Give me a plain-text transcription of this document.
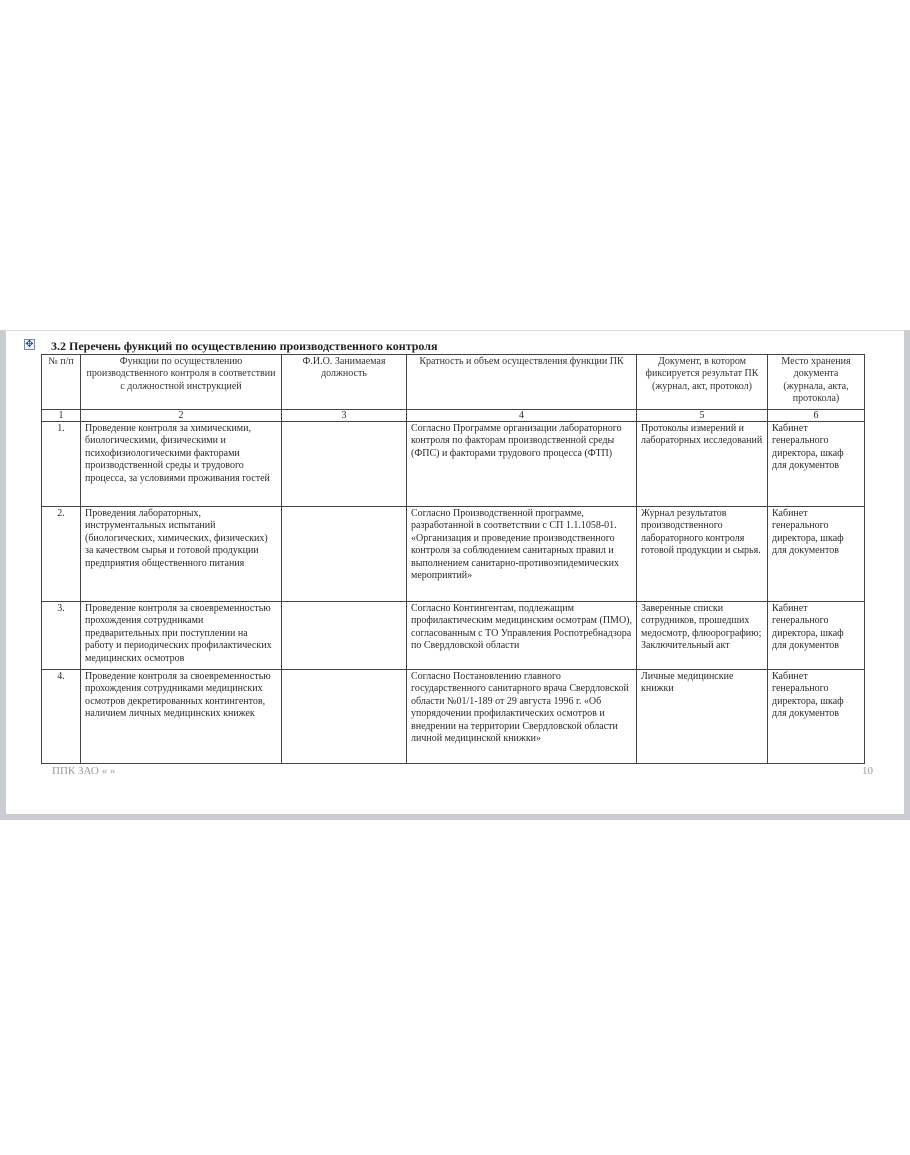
✥ 3.2 Перечень функций по осуществлению производственного контроля
№ п/п	Функции по осуществлению производственного контроля в соответствии с должностной инструкцией	Ф.И.О. Занимаемая должность	Кратность и объем осуществления функции ПК	Документ, в котором фиксируется результат ПК (журнал, акт, протокол)	Место хранения документа (журнала, акта, протокола)
1	2	3	4	5	6
1.	Проведение контроля за химическими, биологическими, физическими и психофизиологическими факторами производственной среды и трудового процесса, за условиями проживания гостей		Согласно Программе организации лабораторного контроля по факторам производственной среды (ФПС) и факторами трудового процесса (ФТП)	Протоколы измерений и лабораторных исследований	Кабинет генерального директора, шкаф для документов
2.	Проведения лабораторных, инструментальных испытаний (биологических, химических, физических) за качеством сырья и готовой продукции предприятия общественного питания		Согласно Производственной программе, разработанной в соответствии с СП 1.1.1058-01. «Организация и проведение производственного контроля за соблюдением санитарных правил и выполнением санитарно-противоэпидемических мероприятий»	Журнал результатов производственного лабораторного контроля готовой продукции и сырья.	Кабинет генерального директора, шкаф для документов
3.	Проведение контроля за своевременностью прохождения сотрудниками предварительных при поступлении на работу и периодических профилактических медицинских осмотров		Согласно Контингентам, подлежащим профилактическим медицинским осмотрам (ПМО), согласованным с ТО Управления Роспотребнадзора по Свердловской области	Заверенные списки сотрудников, прошедших медосмотр, флюорографию; Заключительный акт	Кабинет генерального директора, шкаф для документов
4.	Проведение контроля за своевременностью прохождения сотрудниками медицинских осмотров декретированных контингентов, наличием личных медицинских книжек		Согласно Постановлению главного государственного санитарного врача Свердловской области №01/1-189 от 29 августа 1996 г. «Об упорядочении профилактических осмотров и внедрении на территории Свердловской области личной медицинской книжки»	Личные медицинские книжки	Кабинет генерального директора, шкаф для документов
ППК ЗАО « »	10
